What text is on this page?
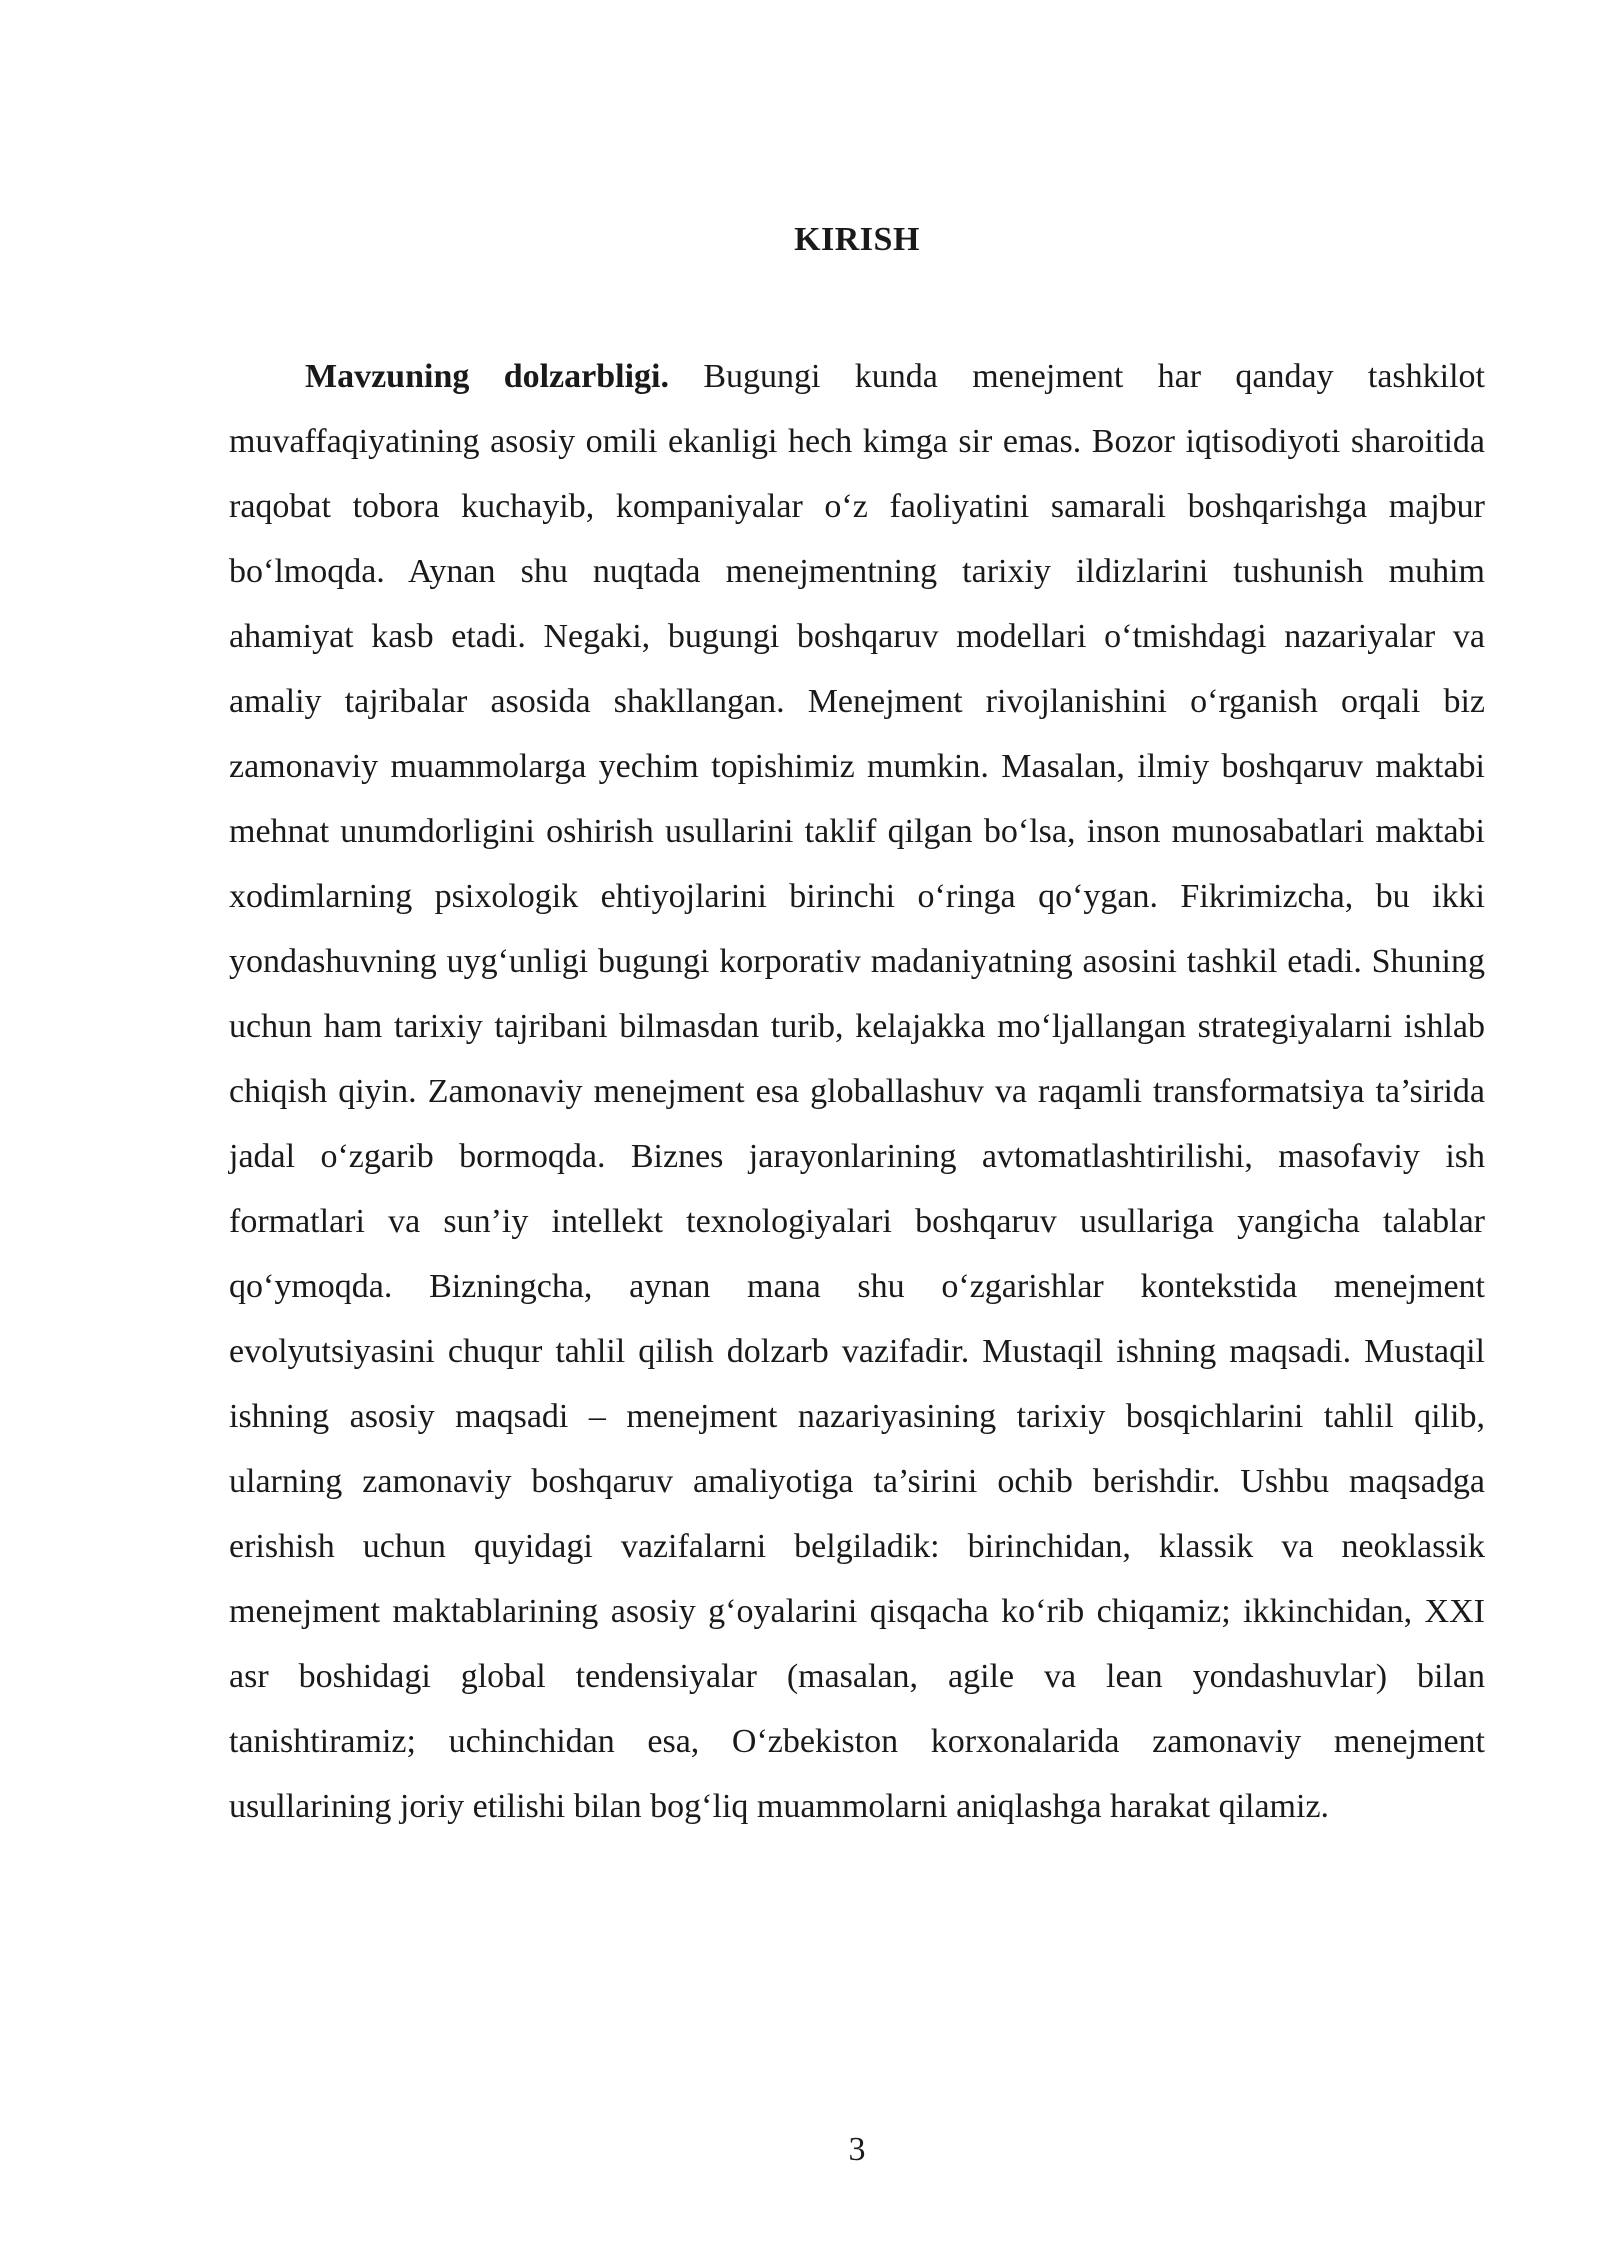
KIRISH

Mavzuning dolzarbligi. Bugungi kunda menejment har qanday tashkilot muvaffaqiyatining asosiy omili ekanligi hech kimga sir emas. Bozor iqtisodiyoti sharoitida raqobat tobora kuchayib, kompaniyalar o‘z faoliyatini samarali boshqarishga majbur bo‘lmoqda. Aynan shu nuqtada menejmentning tarixiy ildizlarini tushunish muhim ahamiyat kasb etadi. Negaki, bugungi boshqaruv modellari o‘tmishdagi nazariyalar va amaliy tajribalar asosida shakllangan. Menejment rivojlanishini o‘rganish orqali biz zamonaviy muammolarga yechim topishimiz mumkin. Masalan, ilmiy boshqaruv maktabi mehnat unumdorligini oshirish usullarini taklif qilgan bo‘lsa, inson munosabatlari maktabi xodimlarning psixologik ehtiyojlarini birinchi o‘ringa qo‘ygan. Fikrimizcha, bu ikki yondashuvning uyg‘unligi bugungi korporativ madaniyatning asosini tashkil etadi. Shuning uchun ham tarixiy tajribani bilmasdan turib, kelajakka mo‘ljallangan strategiyalarni ishlab chiqish qiyin. Zamonaviy menejment esa globallashuv va raqamli transformatsiya ta’sirida jadal o‘zgarib bormoqda. Biznes jarayonlarining avtomatlashtirilishi, masofaviy ish formatlari va sun’iy intellekt texnologiyalari boshqaruv usullariga yangicha talablar qo‘ymoqda. Bizningcha, aynan mana shu o‘zgarishlar kontekstida menejment evolyutsiyasini chuqur tahlil qilish dolzarb vazifadir. Mustaqil ishning maqsadi. Mustaqil ishning asosiy maqsadi – menejment nazariyasining tarixiy bosqichlarini tahlil qilib, ularning zamonaviy boshqaruv amaliyotiga ta’sirini ochib berishdir. Ushbu maqsadga erishish uchun quyidagi vazifalarni belgiladik: birinchidan, klassik va neoklassik menejment maktablarining asosiy g‘oyalarini qisqacha ko‘rib chiqamiz; ikkinchidan, XXI asr boshidagi global tendensiyalar (masalan, agile va lean yondashuvlar) bilan tanishtiramiz; uchinchidan esa, O‘zbekiston korxonalarida zamonaviy menejment usullarining joriy etilishi bilan bog‘liq muammolarni aniqlashga harakat qilamiz.

3
